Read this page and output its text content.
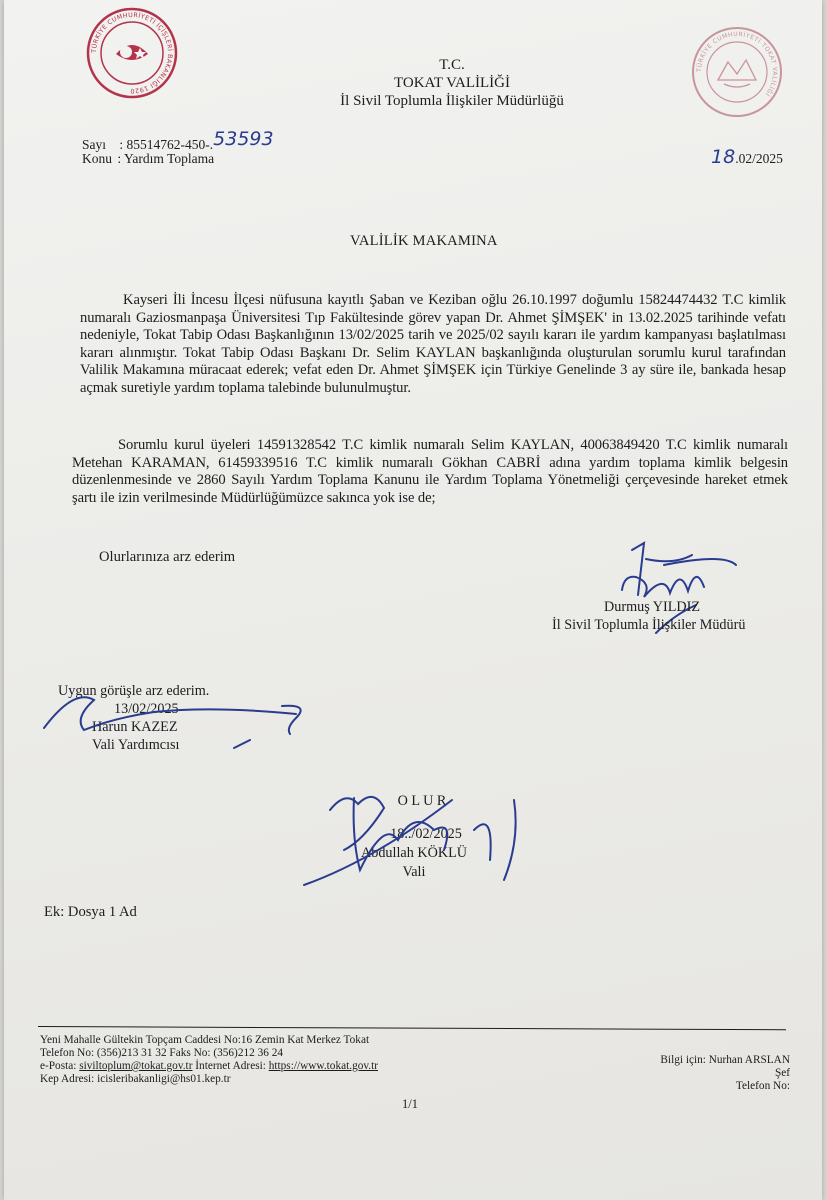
TÜRKİYE CUMHURİYETİ İÇİŞLERİ BAKANLIĞI 1920
TÜRKİYE CUMHURİYETİ TOKAT VALİLİĞİ
T.C.
TOKAT VALİLİĞİ
İl Sivil Toplumla İlişkiler Müdürlüğü
Sayı : 85514762-450-.53593
Konu : Yardım Toplama	18.02/2025
VALİLİK MAKAMINA
Kayseri İli İncesu İlçesi nüfusuna kayıtlı Şaban ve Keziban oğlu 26.10.1997 doğumlu 15824474432 T.C kimlik numaralı Gaziosmanpaşa Üniversitesi Tıp Fakültesinde görev yapan Dr. Ahmet ŞİMŞEK' in 13.02.2025 tarihinde vefatı nedeniyle, Tokat Tabip Odası Başkanlığının 13/02/2025 tarih ve 2025/02 sayılı kararı ile yardım kampanyası başlatılması kararı alınmıştır. Tokat Tabip Odası Başkanı Dr. Selim KAYLAN başkanlığında oluşturulan sorumlu kurul tarafından Valilik Makamına müracaat ederek; vefat eden Dr. Ahmet ŞİMŞEK için Türkiye Genelinde 3 ay süre ile, bankada hesap açmak suretiyle yardım toplama talebinde bulunulmuştur.
Sorumlu kurul üyeleri 14591328542 T.C kimlik numaralı Selim KAYLAN, 40063849420 T.C kimlik numaralı Metehan KARAMAN, 61459339516 T.C kimlik numaralı Gökhan CABRİ adına yardım toplama kimlik belgesin düzenlenmesinde ve 2860 Sayılı Yardım Toplama Kanunu ile Yardım Toplama Yönetmeliği çerçevesinde hareket etmek şartı ile izin verilmesinde Müdürlüğümüzce sakınca yok ise de;
Olurlarınıza arz ederim
Durmuş YILDIZ
İl Sivil Toplumla İlişkiler Müdürü
Uygun görüşle arz ederim.
13/02/2025
Harun KAZEZ
Vali Yardımcısı
O L U R
18../02/2025
Abdullah KÖKLÜ
Vali
Ek: Dosya 1 Ad
Yeni Mahalle Gültekin Topçam Caddesi No:16 Zemin Kat Merkez Tokat
Telefon No: (356)213 31 32 Faks No: (356)212 36 24
e-Posta: siviltoplum@tokat.gov.tr İnternet Adresi: https://www.tokat.gov.tr
Kep Adresi: icisleribakanligi@hs01.kep.tr
Bilgi için: Nurhan ARSLAN
Şef
Telefon No:
1/1
